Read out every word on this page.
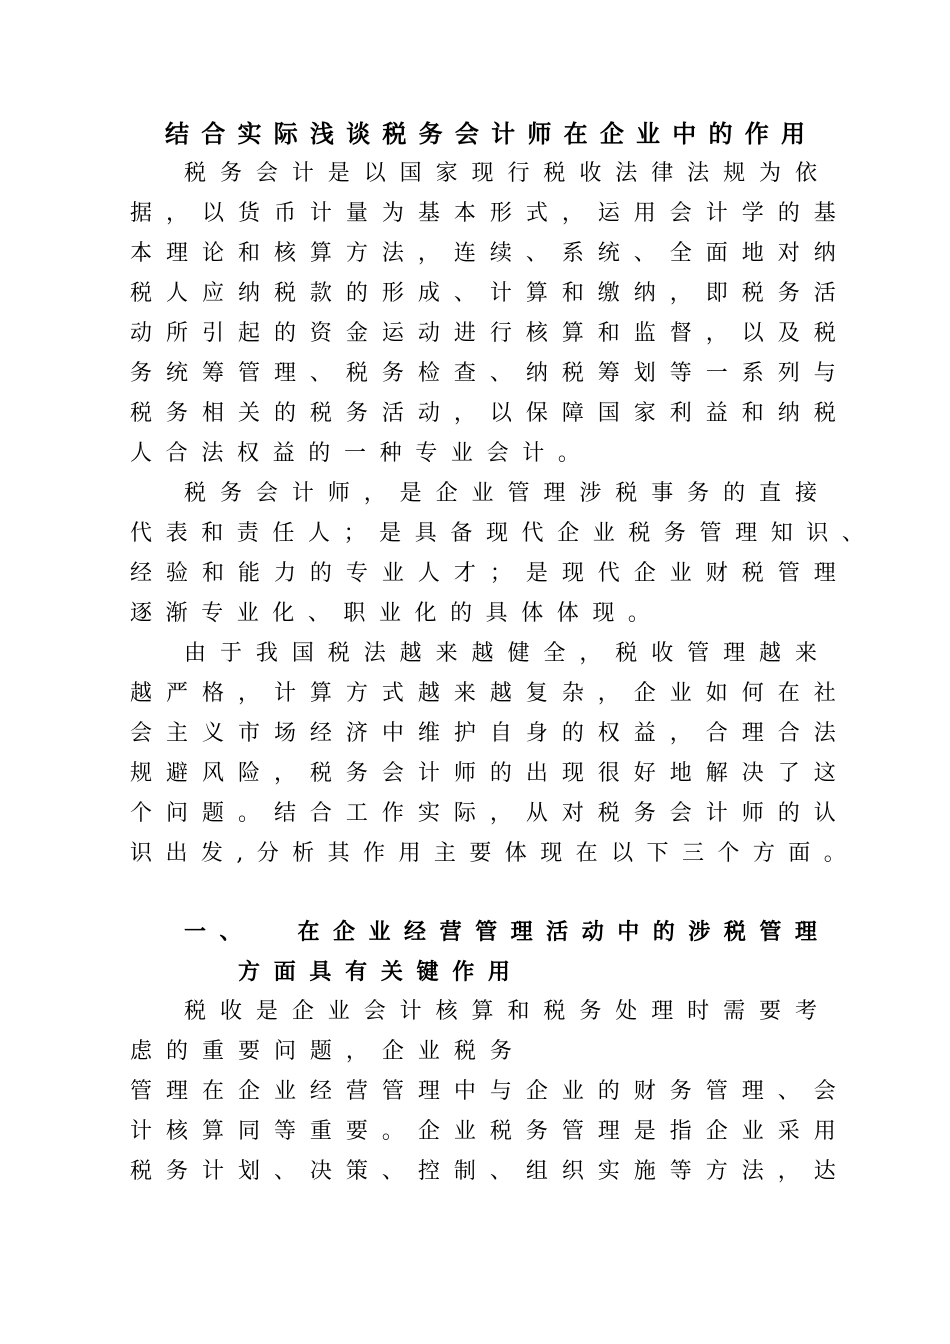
结 合 实 际 浅 谈 税 务 会 计 师 在 企 业 中 的 作 用
税 务 会 计 是 以 国 家 现 行 税 收 法 律 法 规 为 依
据 ， 以 货 币 计 量 为 基 本 形 式 ， 运 用 会 计 学 的 基
本 理 论 和 核 算 方 法 ， 连 续 、 系 统 、 全 面 地 对 纳
税 人 应 纳 税 款 的 形 成 、 计 算 和 缴 纳 ， 即 税 务 活
动 所 引 起 的 资 金 运 动 进 行 核 算 和 监 督 ， 以 及 税
务 统 筹 管 理 、 税 务 检 查 、 纳 税 筹 划 等 一 系 列 与
税 务 相 关 的 税 务 活 动 ， 以 保 障 国 家 利 益 和 纳 税
人 合 法 权 益 的 一 种 专 业 会 计 。
税 务 会 计 师 ， 是 企 业 管 理 涉 税 事 务 的 直 接
代 表 和 责 任 人 ； 是 具 备 现 代 企 业 税 务 管 理 知 识 、
经 验 和 能 力 的 专 业 人 才 ； 是 现 代 企 业 财 税 管 理
逐 渐 专 业 化 、 职 业 化 的 具 体 体 现 。
由 于 我 国 税 法 越 来 越 健 全 ， 税 收 管 理 越 来
越 严 格 ， 计 算 方 式 越 来 越 复 杂 ， 企 业 如 何 在 社
会 主 义 市 场 经 济 中 维 护 自 身 的 权 益 ， 合 理 合 法
规 避 风 险 ， 税 务 会 计 师 的 出 现 很 好 地 解 决 了 这
个 问 题 。 结 合 工 作 实 际 ， 从 对 税 务 会 计 师 的 认
识 出 发 , 分 析 其 作 用 主 要 体 现 在 以 下 三 个 方 面 。
一 、

	在 企 业 经 营 管 理 活 动 中 的 涉 税 管 理
方 面 具 有 关 键 作 用
税 收 是 企 业 会 计 核 算 和 税 务 处 理 时 需 要 考
虑 的 重 要 问 题 ， 企 业 税 务
管 理 在 企 业 经 营 管 理 中 与 企 业 的 财 务 管 理 、 会
计 核 算 同 等 重 要 。 企 业 税 务 管 理 是 指 企 业 采 用
税 务 计 划 、 决 策 、 控 制 、 组 织 实 施 等 方 法 ， 达
